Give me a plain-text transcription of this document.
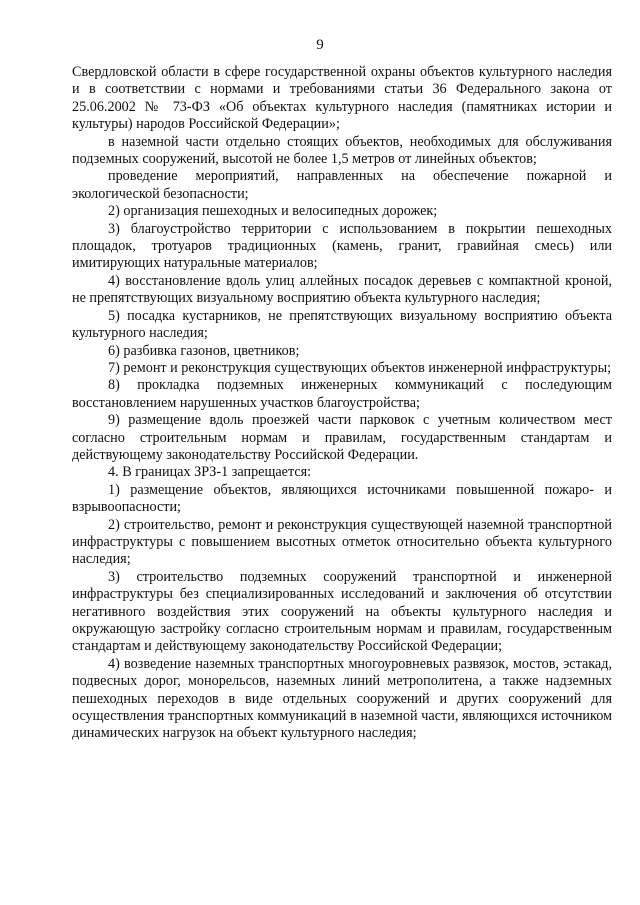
9

Свердловской области в сфере государственной охраны объектов культурного наследия и в соответствии с нормами и требованиями статьи 36 Федерального закона от 25.06.2002 № 73-ФЗ «Об объектах культурного наследия (памятниках истории и культуры) народов Российской Федерации»;

в наземной части отдельно стоящих объектов, необходимых для обслуживания подземных сооружений, высотой не более 1,5 метров от линейных объектов;

проведение мероприятий, направленных на обеспечение пожарной и экологической безопасности;

2) организация пешеходных и велосипедных дорожек;

3) благоустройство территории с использованием в покрытии пешеходных площадок, тротуаров традиционных (камень, гранит, гравийная смесь) или имитирующих натуральные материалов;

4) восстановление вдоль улиц аллейных посадок деревьев с компактной кроной, не препятствующих визуальному восприятию объекта культурного наследия;

5) посадка кустарников, не препятствующих визуальному восприятию объекта культурного наследия;

6) разбивка газонов, цветников;

7) ремонт и реконструкция существующих объектов инженерной инфраструктуры;

8) прокладка подземных инженерных коммуникаций с последующим восстановлением нарушенных участков благоустройства;

9) размещение вдоль проезжей части парковок с учетным количеством мест согласно строительным нормам и правилам, государственным стандартам и действующему законодательству Российской Федерации.

4. В границах ЗРЗ-1 запрещается:

1) размещение объектов, являющихся источниками повышенной пожаро- и взрывоопасности;

2) строительство, ремонт и реконструкция существующей наземной транспортной инфраструктуры с повышением высотных отметок относительно объекта культурного наследия;

3) строительство подземных сооружений транспортной и инженерной инфраструктуры без специализированных исследований и заключения об отсутствии негативного воздействия этих сооружений на объекты культурного наследия и окружающую застройку согласно строительным нормам и правилам, государственным стандартам и действующему законодательству Российской Федерации;

4) возведение наземных транспортных многоуровневых развязок, мостов, эстакад, подвесных дорог, монорельсов, наземных линий метрополитена, а также надземных пешеходных переходов в виде отдельных сооружений и других сооружений для осуществления транспортных коммуникаций в наземной части, являющихся источником динамических нагрузок на объект культурного наследия;
